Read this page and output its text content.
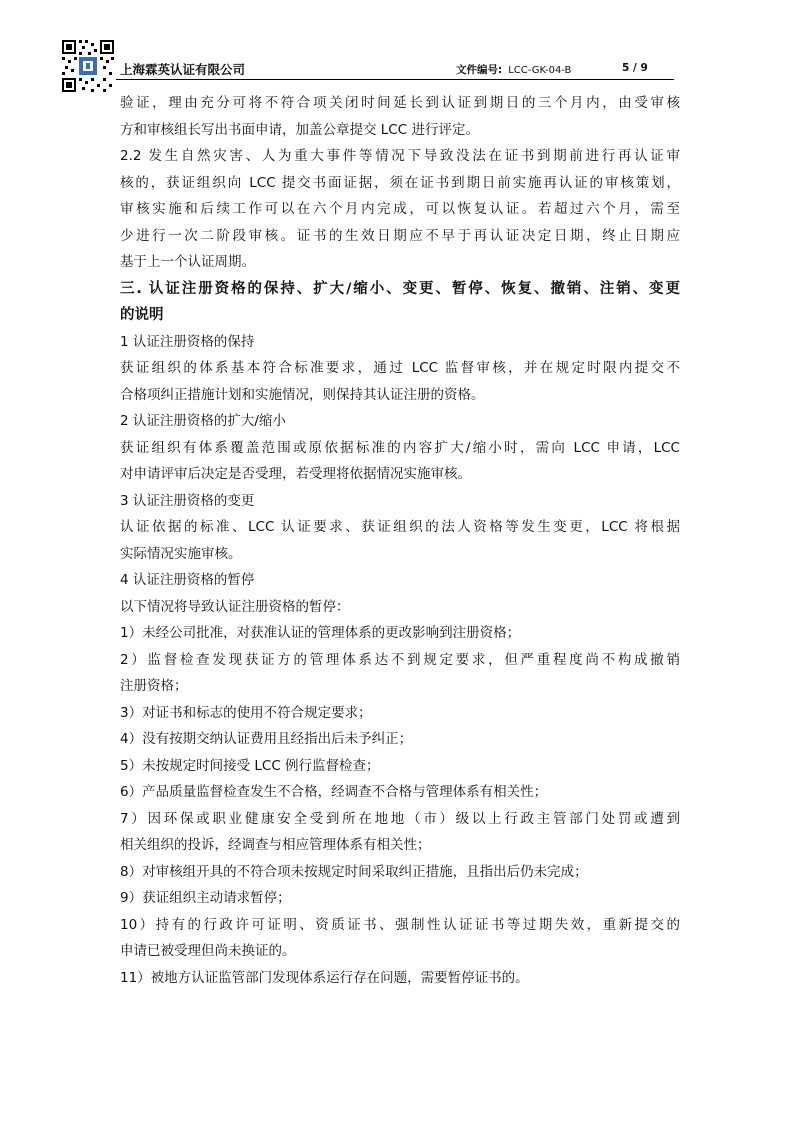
上海霖英认证有限公司	文件编号: LCC-GK-04-B	5 / 9
验证，理由充分可将不符合项关闭时间延长到认证到期日的三个月内，由受审核
方和审核组长写出书面申请，加盖公章提交 LCC 进行评定。
2.2 发生自然灾害、人为重大事件等情况下导致没法在证书到期前进行再认证审
核的，获证组织向 LCC 提交书面证据，须在证书到期日前实施再认证的审核策划，
审核实施和后续工作可以在六个月内完成，可以恢复认证。若超过六个月，需至
少进行一次二阶段审核。证书的生效日期应不早于再认证决定日期，终止日期应
基于上一个认证周期。
三. 认证注册资格的保持、扩大/缩小、变更、暂停、恢复、撤销、注销、变更
的说明
1 认证注册资格的保持
获证组织的体系基本符合标准要求，通过 LCC 监督审核，并在规定时限内提交不
合格项纠正措施计划和实施情况，则保持其认证注册的资格。
2 认证注册资格的扩大/缩小
获证组织有体系覆盖范围或原依据标准的内容扩大/缩小时，需向 LCC 申请，LCC
对申请评审后决定是否受理，若受理将依据情况实施审核。
3 认证注册资格的变更
认证依据的标准、LCC 认证要求、获证组织的法人资格等发生变更，LCC 将根据
实际情况实施审核。
4 认证注册资格的暂停
以下情况将导致认证注册资格的暂停：
1）未经公司批准，对获准认证的管理体系的更改影响到注册资格；
2）监督检查发现获证方的管理体系达不到规定要求，但严重程度尚不构成撤销
注册资格；
3）对证书和标志的使用不符合规定要求；
4）没有按期交纳认证费用且经指出后未予纠正；
5）未按规定时间接受 LCC 例行监督检查；
6）产品质量监督检查发生不合格，经调查不合格与管理体系有相关性；
7）因环保或职业健康安全受到所在地地（市）级以上行政主管部门处罚或遭到
相关组织的投诉，经调查与相应管理体系有相关性；
8）对审核组开具的不符合项未按规定时间采取纠正措施，且指出后仍未完成；
9）获证组织主动请求暂停；
10）持有的行政许可证明、资质证书、强制性认证证书等过期失效，重新提交的
申请已被受理但尚未换证的。
11）被地方认证监管部门发现体系运行存在问题，需要暂停证书的。
